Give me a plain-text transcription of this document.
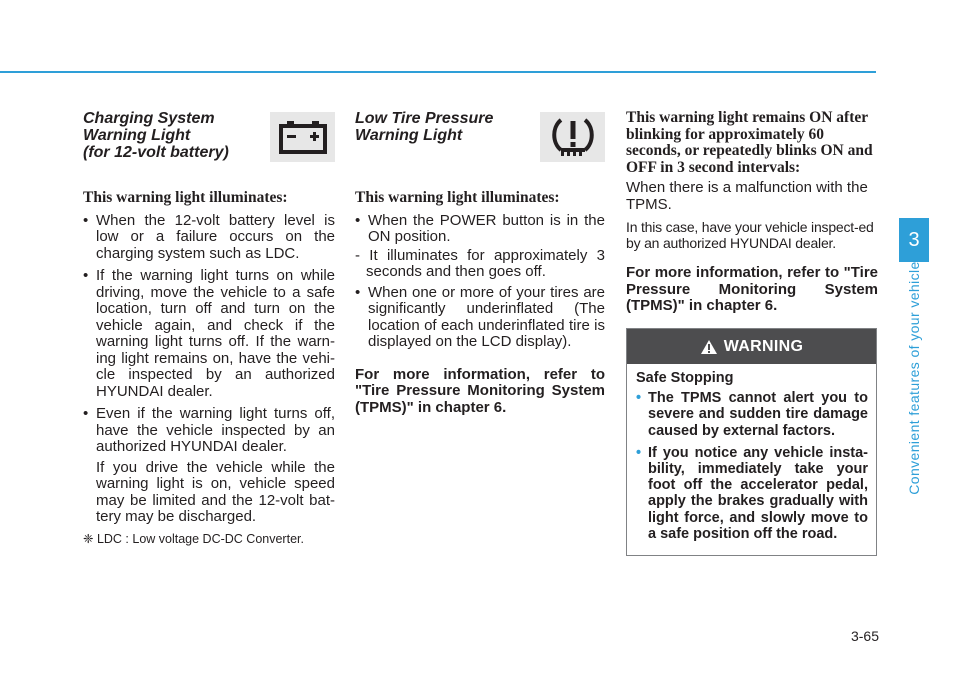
Charging System
Warning Light
(for 12-volt battery)

This warning light illuminates:

• When the 12-volt battery level is low or a failure occurs on the charging system such as LDC.
• If the warning light turns on while driving, move the vehicle to a safe location, turn off and turn on the vehicle again, and check if the warning light turns off. If the warn-ing light remains on, have the vehi-cle inspected by an authorized HYUNDAI dealer.
• Even if the warning light turns off, have the vehicle inspected by an authorized HYUNDAI dealer.

If you drive the vehicle while the warning light is on, vehicle speed may be limited and the 12-volt bat-tery may be discharged.

❈ LDC : Low voltage DC-DC Converter.
Low Tire Pressure
Warning Light

This warning light illuminates:

• When the POWER button is in the ON position.
- It illuminates for approximately 3 seconds and then goes off.
• When one or more of your tires are significantly underinflated (The location of each underinflated tire is displayed on the LCD display).

For more information, refer to "Tire Pressure Monitoring System (TPMS)" in chapter 6.

This warning light remains ON after blinking for approximately 60 seconds, or repeatedly blinks ON and OFF in 3 second intervals:

When there is a malfunction with the TPMS.

In this case, have your vehicle inspect-ed by an authorized HYUNDAI dealer.

For more information, refer to "Tire Pressure Monitoring System (TPMS)" in chapter 6.

WARNING

Safe Stopping

• The TPMS cannot alert you to severe and sudden tire damage caused by external factors.
• If you notice any vehicle insta-bility, immediately take your foot off the accelerator pedal, apply the brakes gradually with light force, and slowly move to a safe position off the road.
3
Convenient features of your vehicle
3-65
